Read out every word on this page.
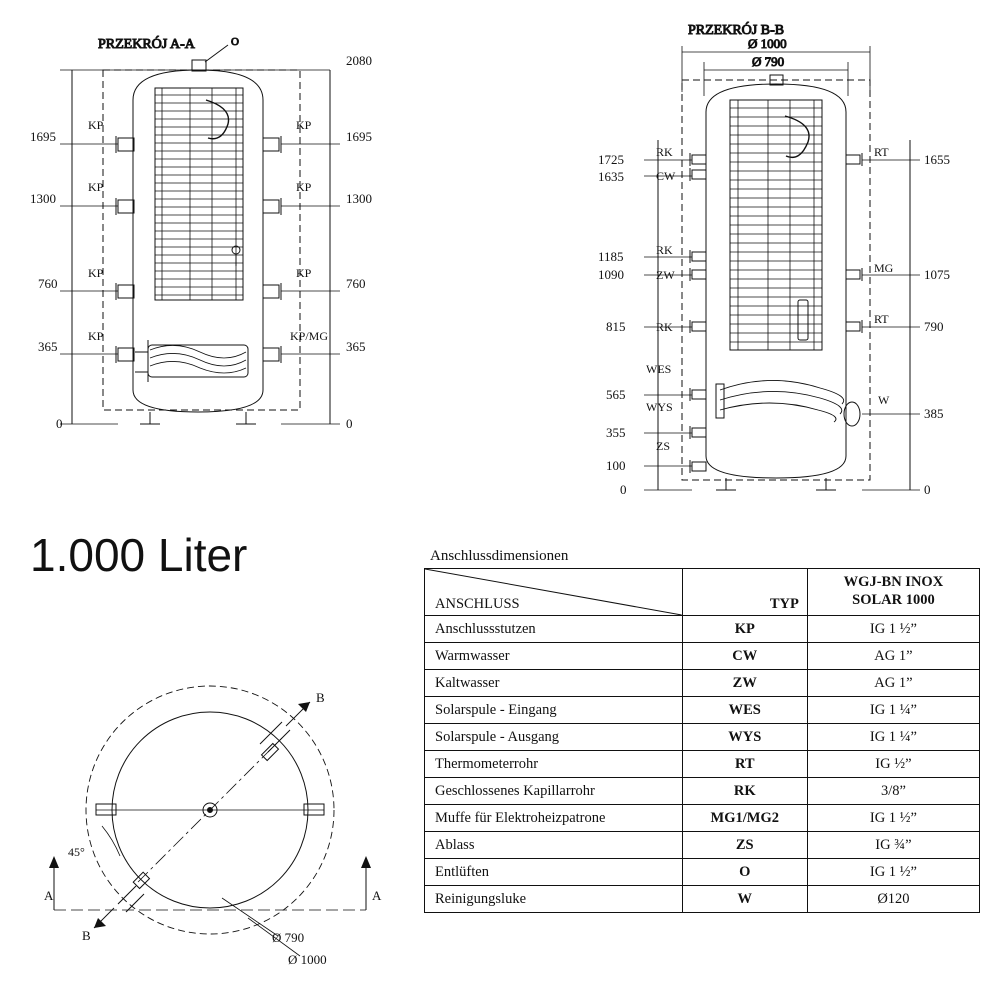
PRZEKRÓJ A-A	O
1695
1300
760
365
0
KP
KP
KP
KP
KP
KP
KP
KP/MG
2080
1695
1300
760
365
0
PRZEKRÓJ B-B
Ø 1000
Ø 790
1725
1635
1185
1090
815
565
355
100
0
RK
CW
RK
ZW
RK
WES
WYS
ZS
RT
MG
RT
W
1655
1075
790
385
0
A	A
B
B
45°
Ø 790
Ø 1000
1.000 Liter	Anschlussdimensionen
ANSCHLUSS	TYP	WGJ-BN INOX
SOLAR 1000

Anschlussstutzen	KP	IG 1 ½”
Warmwasser	CW	AG 1”
Kaltwasser	ZW	AG 1”
Solarspule - Eingang	WES	IG 1 ¼”
Solarspule - Ausgang	WYS	IG 1 ¼”
Thermometerrohr	RT	IG ½”
Geschlossenes Kapillarrohr	RK	3/8”
Muffe für Elektroheizpatrone	MG1/MG2	IG 1 ½”
Ablass	ZS	IG ¾”
Entlüften	O	IG 1 ½”
Reinigungsluke	W	Ø120
